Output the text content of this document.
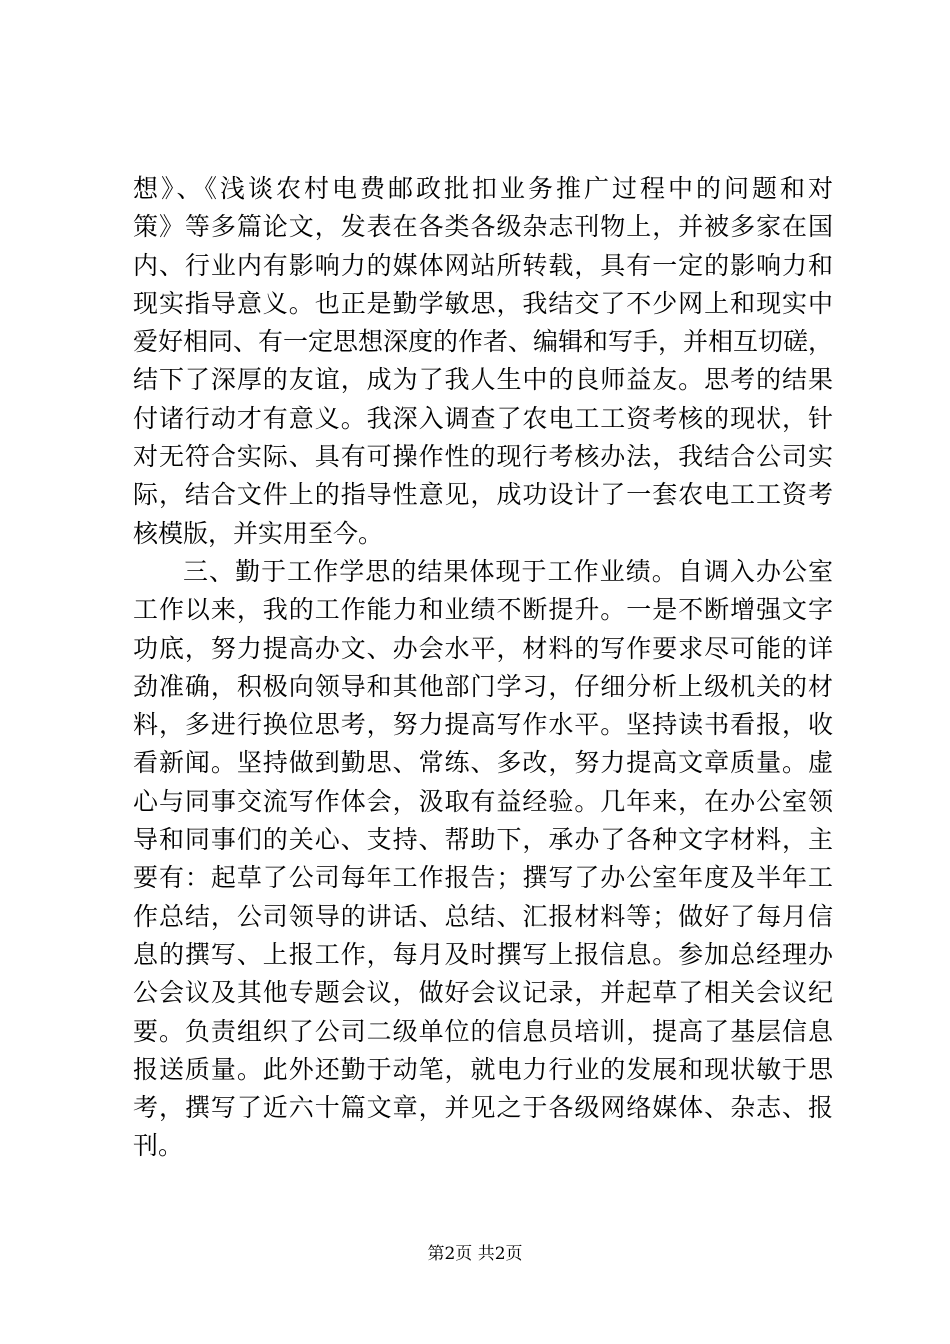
想》、《浅谈农村电费邮政批扣业务推广过程中的问题和对
策》等多篇论文，发表在各类各级杂志刊物上，并被多家在国
内、行业内有影响力的媒体网站所转载，具有一定的影响力和
现实指导意义。也正是勤学敏思，我结交了不少网上和现实中
爱好相同、有一定思想深度的作者、编辑和写手，并相互切磋，
结下了深厚的友谊，成为了我人生中的良师益友。思考的结果
付诸行动才有意义。我深入调查了农电工工资考核的现状，针
对无符合实际、具有可操作性的现行考核办法，我结合公司实
际，结合文件上的指导性意见，成功设计了一套农电工工资考
核模版，并实用至今。
三、勤于工作学思的结果体现于工作业绩。自调入办公室
工作以来，我的工作能力和业绩不断提升。一是不断增强文字
功底，努力提高办文、办会水平，材料的写作要求尽可能的详
劲准确，积极向领导和其他部门学习，仔细分析上级机关的材
料，多进行换位思考，努力提高写作水平。坚持读书看报，收
看新闻。坚持做到勤思、常练、多改，努力提高文章质量。虚
心与同事交流写作体会，汲取有益经验。几年来，在办公室领
导和同事们的关心、支持、帮助下，承办了各种文字材料，主
要有：起草了公司每年工作报告；撰写了办公室年度及半年工
作总结，公司领导的讲话、总结、汇报材料等；做好了每月信
息的撰写、上报工作，每月及时撰写上报信息。参加总经理办
公会议及其他专题会议，做好会议记录，并起草了相关会议纪
要。负责组织了公司二级单位的信息员培训，提高了基层信息
报送质量。此外还勤于动笔，就电力行业的发展和现状敏于思
考，撰写了近六十篇文章，并见之于各级网络媒体、杂志、报
刊。
第2页 共2页
